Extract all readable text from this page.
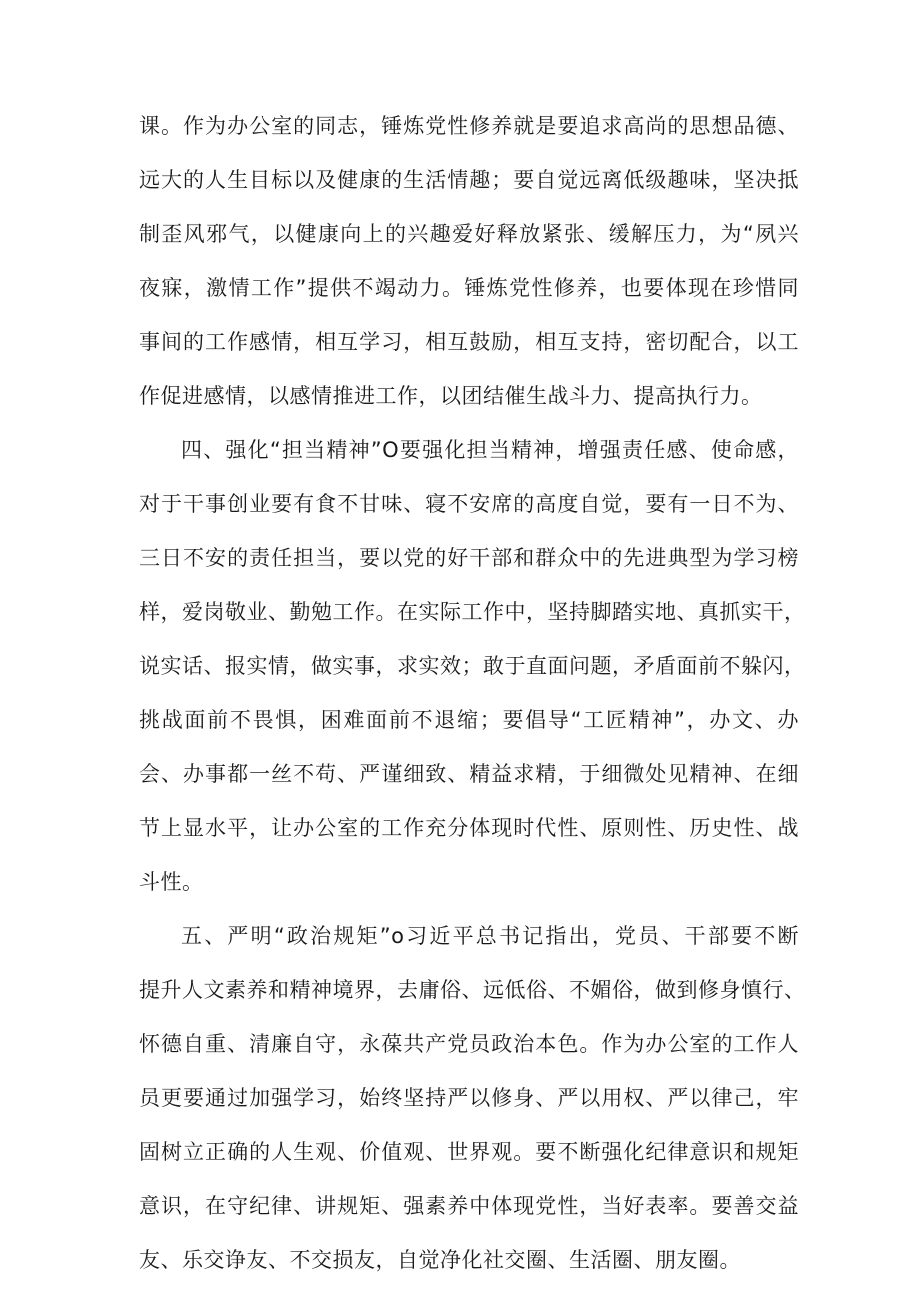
课。作为办公室的同志，锤炼党性修养就是要追求高尚的思想品德、
远大的人生目标以及健康的生活情趣；要自觉远离低级趣味，坚决抵
制歪风邪气，以健康向上的兴趣爱好释放紧张、缓解压力，为“夙兴
夜寐，激情工作”提供不竭动力。锤炼党性修养，也要体现在珍惜同
事间的工作感情，相互学习，相互鼓励，相互支持，密切配合，以工
作促进感情，以感情推进工作，以团结催生战斗力、提高执行力。
四、强化“担当精神”O要强化担当精神，增强责任感、使命感，
对于干事创业要有食不甘味、寝不安席的高度自觉，要有一日不为、
三日不安的责任担当，要以党的好干部和群众中的先进典型为学习榜
样，爱岗敬业、勤勉工作。在实际工作中，坚持脚踏实地、真抓实干，
说实话、报实情，做实事，求实效；敢于直面问题，矛盾面前不躲闪，
挑战面前不畏惧，困难面前不退缩；要倡导“工匠精神”，办文、办
会、办事都一丝不苟、严谨细致、精益求精，于细微处见精神、在细
节上显水平，让办公室的工作充分体现时代性、原则性、历史性、战
斗性。
五、严明“政治规矩”o习近平总书记指出，党员、干部要不断
提升人文素养和精神境界，去庸俗、远低俗、不媚俗，做到修身慎行、
怀德自重、清廉自守，永葆共产党员政治本色。作为办公室的工作人
员更要通过加强学习，始终坚持严以修身、严以用权、严以律己，牢
固树立正确的人生观、价值观、世界观。要不断强化纪律意识和规矩
意识，在守纪律、讲规矩、强素养中体现党性，当好表率。要善交益
友、乐交诤友、不交损友，自觉净化社交圈、生活圈、朋友圈。
